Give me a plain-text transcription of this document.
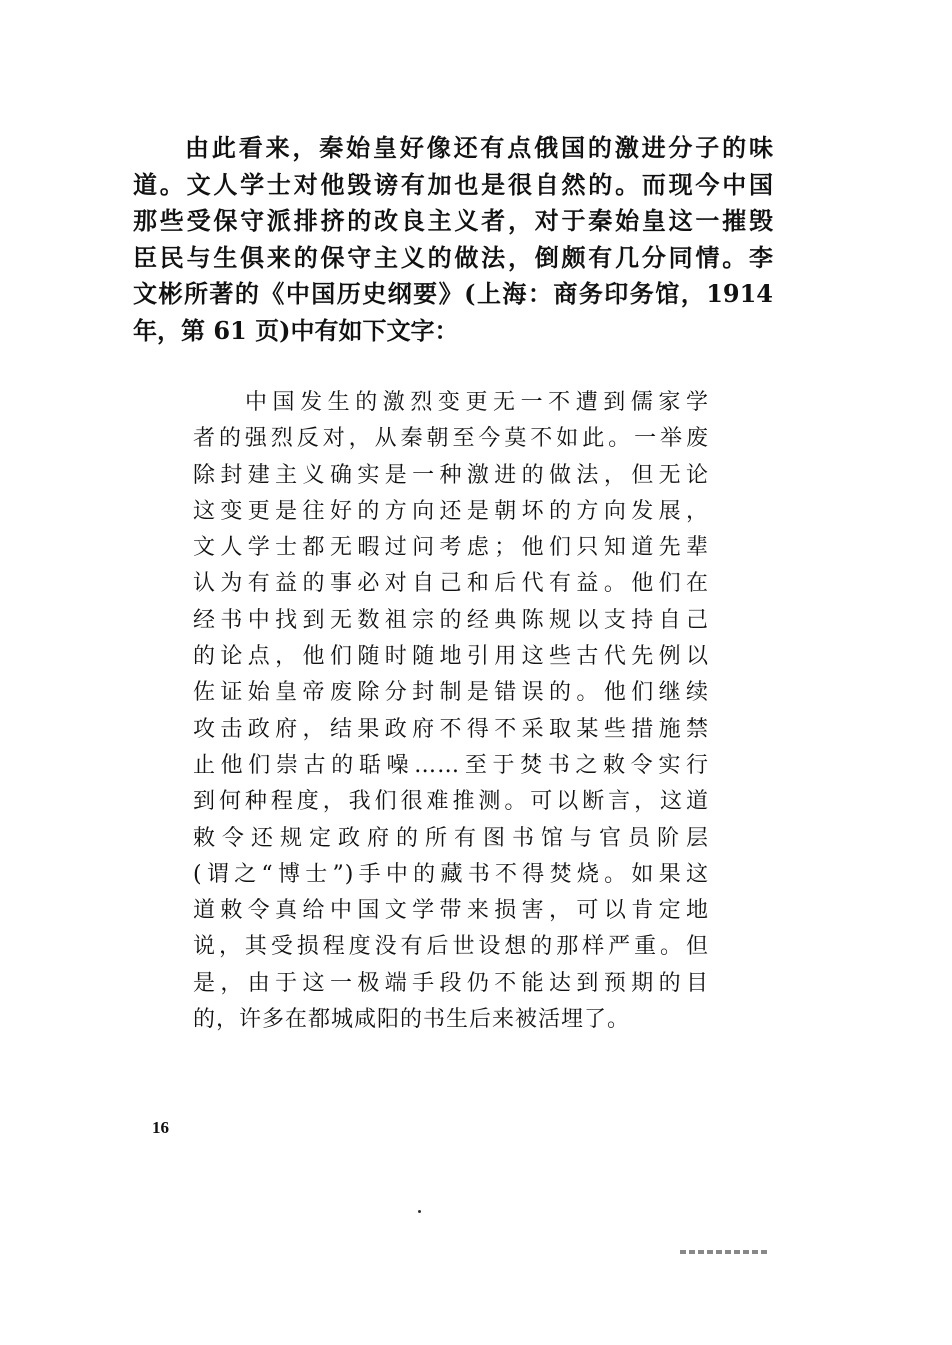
由此看来，秦始皇好像还有点俄国的激进分子的味
道。文人学士对他毁谤有加也是很自然的。而现今中国
那些受保守派排挤的改良主义者，对于秦始皇这一摧毁
臣民与生俱来的保守主义的做法，倒颇有几分同情。李
文彬所著的《中国历史纲要》(上海：商务印务馆，1914
年，第 61 页)中有如下文字：
中国发生的激烈变更无一不遭到儒家学
者的强烈反对，从秦朝至今莫不如此。一举废
除封建主义确实是一种激进的做法，但无论
这变更是往好的方向还是朝坏的方向发展，
文人学士都无暇过问考虑；他们只知道先辈
认为有益的事必对自己和后代有益。他们在
经书中找到无数祖宗的经典陈规以支持自己
的论点，他们随时随地引用这些古代先例以
佐证始皇帝废除分封制是错误的。他们继续
攻击政府，结果政府不得不采取某些措施禁
止他们崇古的聒噪……至于焚书之敕令实行
到何种程度，我们很难推测。可以断言，这道
敕令还规定政府的所有图书馆与官员阶层
(谓之“博士”)手中的藏书不得焚烧。如果这
道敕令真给中国文学带来损害，可以肯定地
说，其受损程度没有后世设想的那样严重。但
是，由于这一极端手段仍不能达到预期的目
的，许多在都城咸阳的书生后来被活埋了。
16
